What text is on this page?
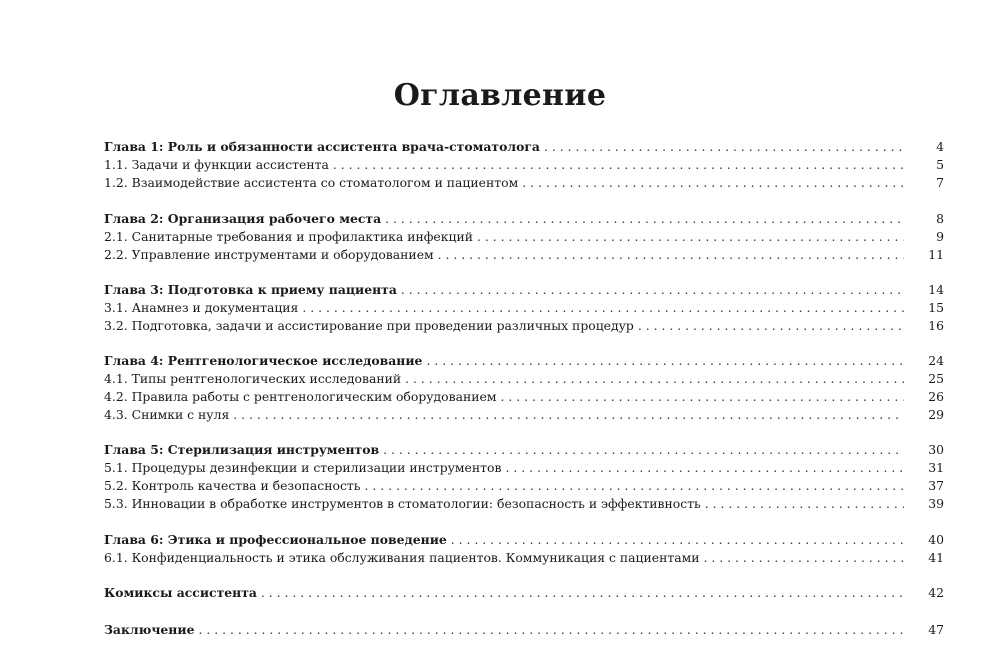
Оглавление
Глава 1: Роль и обязанности ассистента врача-стоматолога . . .	4
1.1. Задачи и функции ассистента . . .	5
1.2. Взаимодействие ассистента со стоматологом и пациентом . . .	7
Глава 2: Организация рабочего места . . .	8
2.1. Санитарные требования и профилактика инфекций . . .	9
2.2. Управление инструментами и оборудованием . . .	11
Глава 3: Подготовка к приему пациента . . .	14
3.1. Анамнез и документация . . .	15
3.2. Подготовка, задачи и ассистирование при проведении различных процедур . . .	16
Глава 4: Рентгенологическое исследование . . .	24
4.1. Типы рентгенологических исследований . . .	25
4.2. Правила работы с рентгенологическим оборудованием . . .	26
4.3. Снимки с нуля . . .	29
Глава 5: Стерилизация инструментов . . .	30
5.1. Процедуры дезинфекции и стерилизации инструментов . . .	31
5.2. Контроль качества и безопасность . . .	37
5.3. Инновации в обработке инструментов в стоматологии: безопасность и эффективность . . .	39
Глава 6: Этика и профессиональное поведение . . .	40
6.1. Конфиденциальность и этика обслуживания пациентов. Коммуникация с пациентами . . .	41
Комиксы ассистента . . .	42
Заключение . . .	47
